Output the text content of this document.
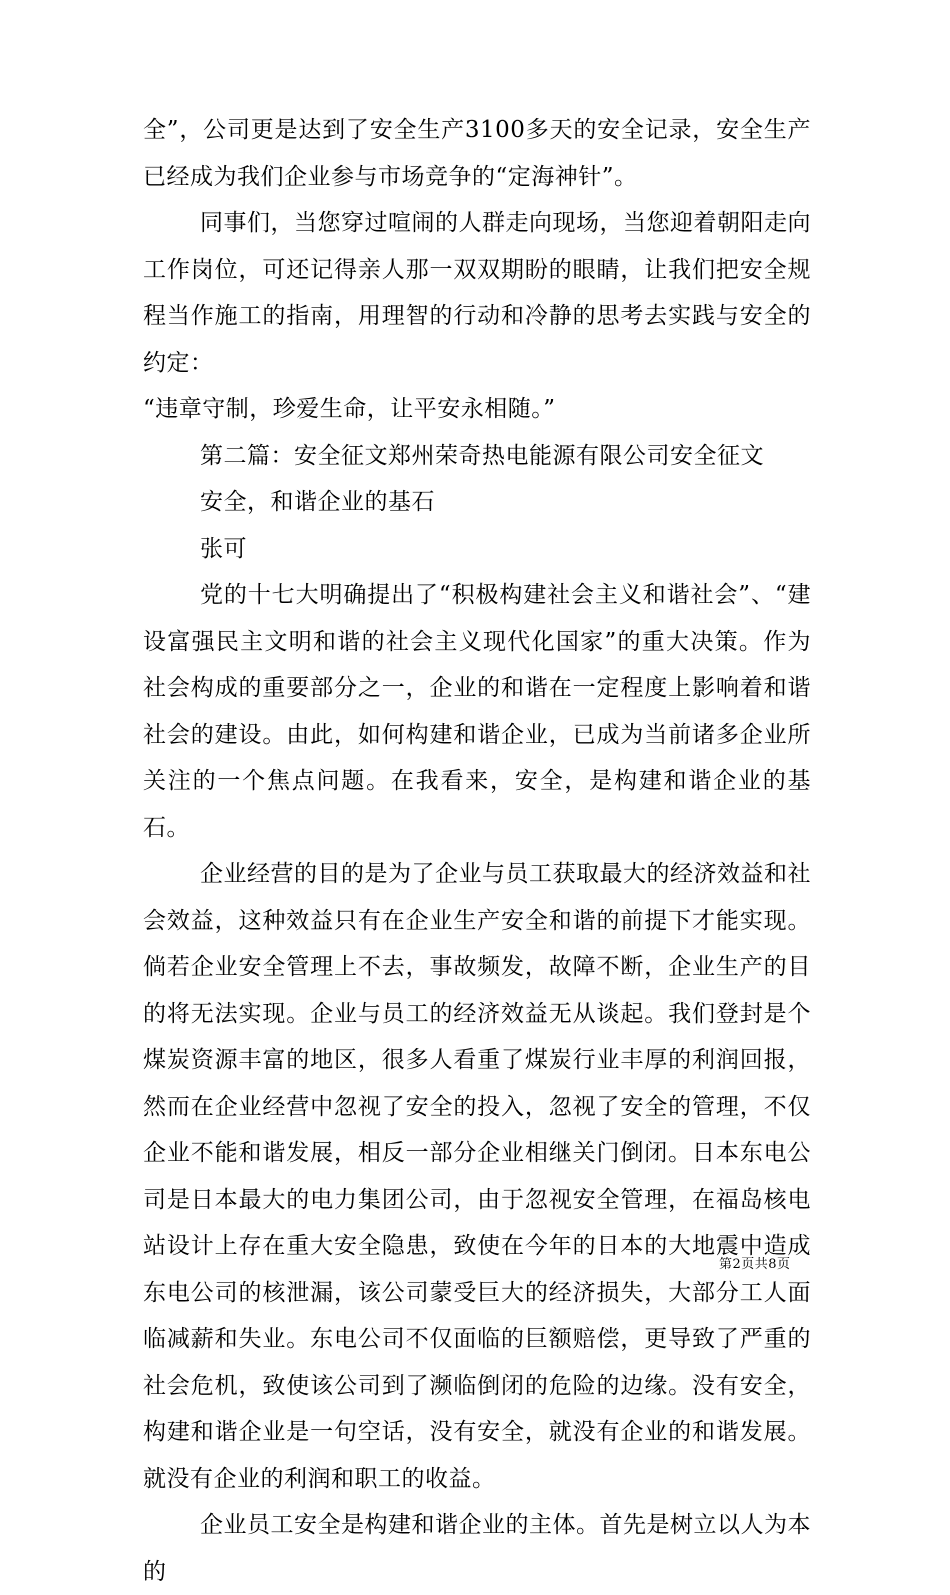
全”，公司更是达到了安全生产3100多天的安全记录，安全生产已经成为我们企业参与市场竞争的“定海神针”。

同事们，当您穿过喧闹的人群走向现场，当您迎着朝阳走向工作岗位，可还记得亲人那一双双期盼的眼睛，让我们把安全规程当作施工的指南，用理智的行动和冷静的思考去实践与安全的约定：

“违章守制，珍爱生命，让平安永相随。”

第二篇：安全征文郑州荣奇热电能源有限公司安全征文

安全，和谐企业的基石

张可

党的十七大明确提出了“积极构建社会主义和谐社会”、“建设富强民主文明和谐的社会主义现代化国家”的重大决策。作为社会构成的重要部分之一，企业的和谐在一定程度上影响着和谐社会的建设。由此，如何构建和谐企业，已成为当前诸多企业所关注的一个焦点问题。在我看来，安全，是构建和谐企业的基石。

企业经营的目的是为了企业与员工获取最大的经济效益和社会效益，这种效益只有在企业生产安全和谐的前提下才能实现。倘若企业安全管理上不去，事故频发，故障不断，企业生产的目的将无法实现。企业与员工的经济效益无从谈起。我们登封是个煤炭资源丰富的地区，很多人看重了煤炭行业丰厚的利润回报，然而在企业经营中忽视了安全的投入，忽视了安全的管理，不仅企业不能和谐发展，相反一部分企业相继关门倒闭。日本东电公司是日本最大的电力集团公司，由于忽视安全管理，在福岛核电站设计上存在重大安全隐患，致使在今年的日本的大地震中造成东电公司的核泄漏，该公司蒙受巨大的经济损失，大部分工人面临减薪和失业。东电公司不仅面临的巨额赔偿，更导致了严重的社会危机，致使该公司到了濒临倒闭的危险的边缘。没有安全，构建和谐企业是一句空话，没有安全，就没有企业的和谐发展。就没有企业的利润和职工的收益。

企业员工安全是构建和谐企业的主体。首先是树立以人为本的

第2页共8页
